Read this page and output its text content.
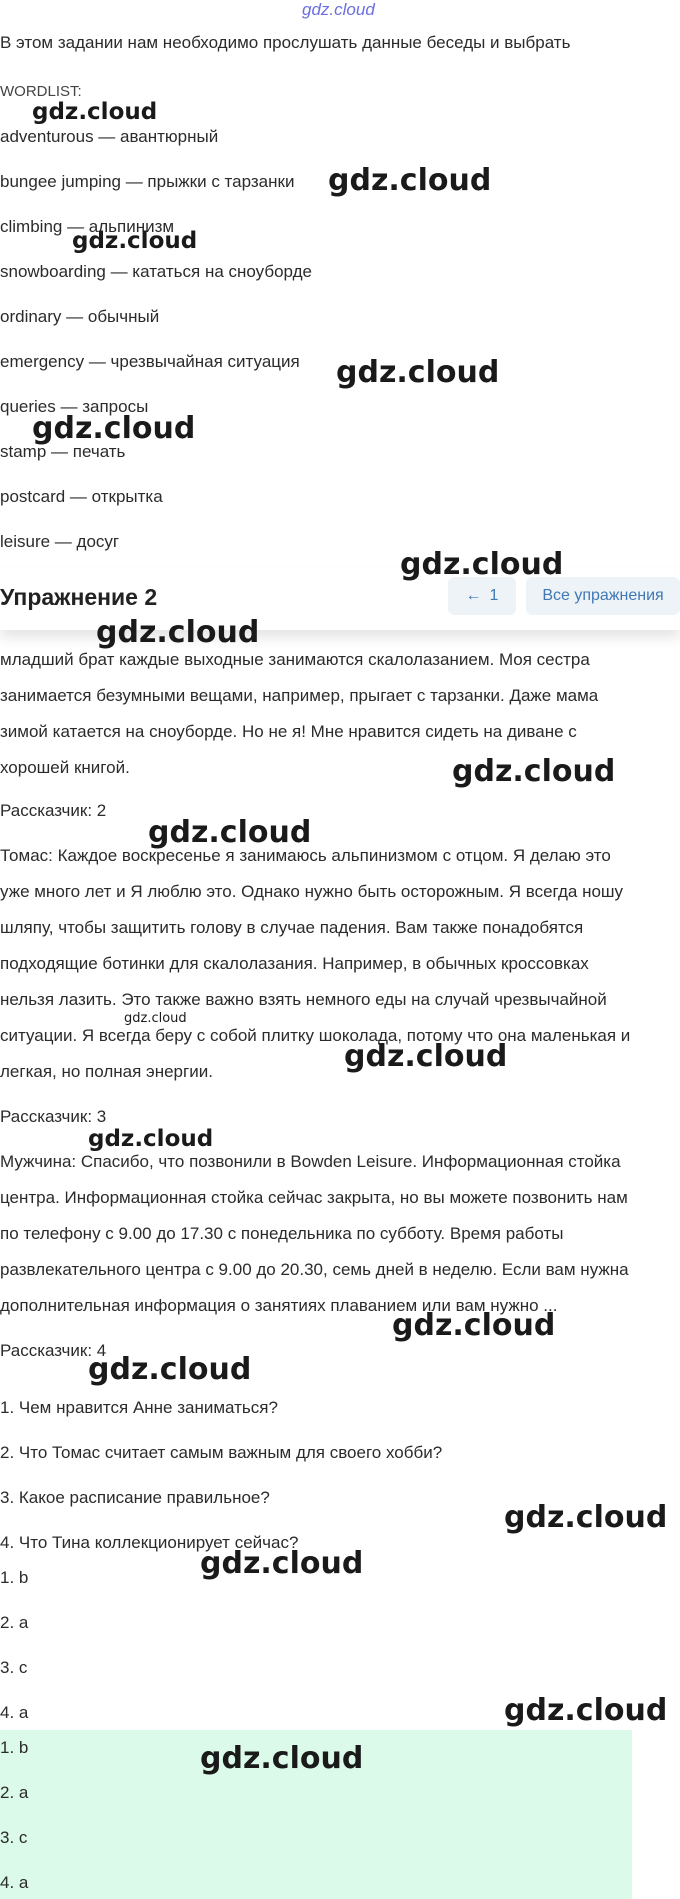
gdz.cloud
В этом задании нам необходимо прослушать данные беседы и выбрать
WORDLIST:
adventurous — авантюрный
bungee jumping — прыжки с тарзанки
climbing — альпинизм
snowboarding — кататься на сноуборде
ordinary — обычный
emergency — чрезвычайная ситуация
queries — запросы
stamp — печать
postcard — открытка
leisure — досуг
Упражнение 2	← 1	Все упражнения
младший брат каждые выходные занимаются скалолазанием. Моя сестра
занимается безумными вещами, например, прыгает с тарзанки. Даже мама
зимой катается на сноуборде. Но не я! Мне нравится сидеть на диване с
хорошей книгой.
Рассказчик: 2
Томас: Каждое воскресенье я занимаюсь альпинизмом с отцом. Я делаю это
уже много лет и Я люблю это. Однако нужно быть осторожным. Я всегда ношу
шляпу, чтобы защитить голову в случае падения. Вам также понадобятся
подходящие ботинки для скалолазания. Например, в обычных кроссовках
нельзя лазить. Это также важно взять немного еды на случай чрезвычайной
ситуации. Я всегда беру с собой плитку шоколада, потому что она маленькая и
легкая, но полная энергии.
Рассказчик: 3
Мужчина: Спасибо, что позвонили в Bowden Leisure. Информационная стойка
центра. Информационная стойка сейчас закрыта, но вы можете позвонить нам
по телефону с 9.00 до 17.30 с понедельника по субботу. Время работы
развлекательного центра с 9.00 до 20.30, семь дней в неделю. Если вам нужна
дополнительная информация о занятиях плаванием или вам нужно ...
Рассказчик: 4
1. Чем нравится Анне заниматься?
2. Что Томас считает самым важным для своего хобби?
3. Какое расписание правильное?
4. Что Тина коллекционирует сейчас?
1. b
2. a
3. c
4. a
1. b
2. a
3. c
4. a
gdz.cloud
gdz.cloud
gdz.cloud
gdz.cloud
gdz.cloud
gdz.cloud
gdz.cloud
gdz.cloud
gdz.cloud
gdz.cloud
gdz.cloud
gdz.cloud
gdz.cloud
gdz.cloud
gdz.cloud
gdz.cloud
gdz.cloud
gdz.cloud
